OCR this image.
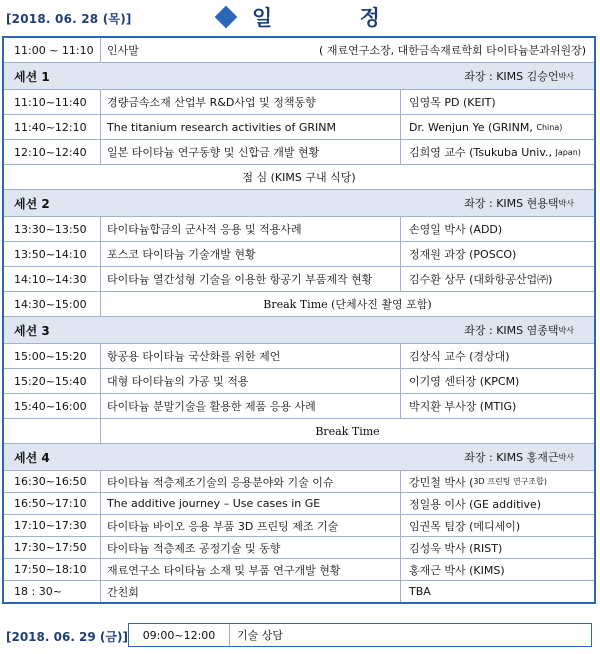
[2018. 06. 28 (목)]	일 정
11:00 ~ 11:10	인사말	( 재료연구소장, 대한금속재료학회 타이타늄분과위원장)
세션 1	좌장 : KIMS 김승언 박사
11:10~11:40	경량금속소재 산업부 R&D사업 및 정책동향	임영목 PD (KEIT)
11:40~12:10	The titanium research activities of GRINM	Dr. Wenjun Ye (GRINM,
China)
12:10~12:40	일본 타이타늄 연구동향 및 신합금 개발 현황	김희영 교수 (Tsukuba Univ.,
Japan)
점 심 (KIMS 구내 식당)
세션 2	좌장 : KIMS 현용택 박사
13:30~13:50	타이타늄합금의 군사적 응용 및 적용사례	손영일 박사 (ADD)
13:50~14:10	포스코 타이타늄 기술개발 현황	정재원 과장 (POSCO)
14:10~14:30	타이타늄 열간성형 기술을 이용한 항공기 부품제작 현황	김수환 상무 (대화항공산업㈜)
14:30~15:00	Break Time (단체사진 촬영 포함)
세션 3	좌장 : KIMS 염종택 박사
15:00~15:20	항공용 타이타늄 국산화를 위한 제언	김상식 교수 (경상대)
15:20~15:40	대형 타이타늄의 가공 및 적용	이기영 센터장 (KPCM)
15:40~16:00	타이타늄 분말기술을 활용한 제품 응용 사례	박지환 부사장 (MTIG)
Break Time
세션 4	좌장 : KIMS 홍재근 박사
16:30~16:50	타이타늄 적층제조기술의 응용분야와 기술 이슈	강민철 박사 ( 3D 프린팅 연구조합)
16:50~17:10	The additive journey – Use cases in GE	정일용 이사 (GE additive)
17:10~17:30	타이타늄 바이오 응용 부품 3D 프린팅 제조 기술	임권목 팀장 (메디세이)
17:30~17:50	타이타늄 적층제조 공정기술 및 동향	김성욱 박사 (RIST)
17:50~18:10	재료연구소 타이타늄 소재 및 부품 연구개발 현황	홍재근 박사 (KIMS)
18 : 30~	간친회	TBA
[2018. 06. 29 (금)]	09:00~12:00	기술 상담
